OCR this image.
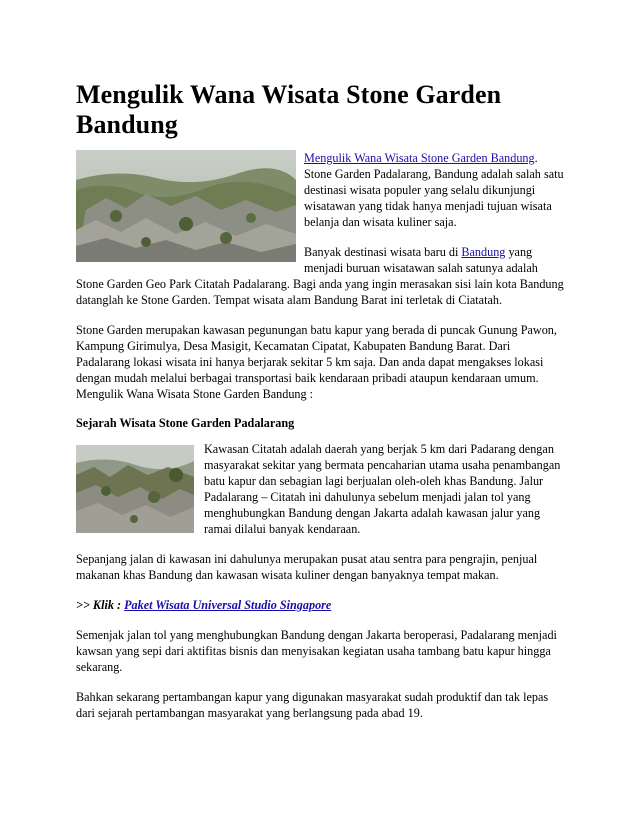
Mengulik Wana Wisata Stone Garden Bandung

Mengulik Wana Wisata Stone Garden Bandung. Stone Garden Padalarang, Bandung adalah salah satu destinasi wisata populer yang selalu dikunjungi wisatawan yang tidak hanya menjadi tujuan wisata belanja dan wisata kuliner saja.

Banyak destinasi wisata baru di Bandung yang menjadi buruan wisatawan salah satunya adalah Stone Garden Geo Park Citatah Padalarang. Bagi anda yang ingin merasakan sisi lain kota Bandung datanglah ke Stone Garden. Tempat wisata alam Bandung Barat ini terletak di Ciatatah.

Stone Garden merupakan kawasan pegunungan batu kapur yang berada di puncak Gunung Pawon, Kampung Girimulya, Desa Masigit, Kecamatan Cipatat, Kabupaten Bandung Barat. Dari Padalarang lokasi wisata ini hanya berjarak sekitar 5 km saja. Dan anda dapat mengakses lokasi dengan mudah melalui berbagai transportasi baik kendaraan pribadi ataupun kendaraan umum. Mengulik Wana Wisata Stone Garden Bandung :

Sejarah Wisata Stone Garden Padalarang

Kawasan Citatah adalah daerah yang berjak 5 km dari Padarang dengan masyarakat sekitar yang bermata pencaharian utama usaha penambangan batu kapur dan sebagian lagi berjualan oleh-oleh khas Bandung. Jalur Padalarang – Citatah ini dahulunya sebelum menjadi jalan tol yang menghubungkan Bandung dengan Jakarta adalah kawasan jalur yang ramai dilalui banyak kendaraan.

Sepanjang jalan di kawasan ini dahulunya merupakan pusat atau sentra para pengrajin, penjual makanan khas Bandung dan kawasan wisata kuliner dengan banyaknya tempat makan.

>> Klik : Paket Wisata Universal Studio Singapore

Semenjak jalan tol yang menghubungkan Bandung dengan Jakarta beroperasi, Padalarang menjadi kawsan yang sepi dari aktifitas bisnis dan menyisakan kegiatan usaha tambang batu kapur hingga sekarang.

Bahkan sekarang pertambangan kapur yang digunakan masyarakat sudah produktif dan tak lepas dari sejarah pertambangan masyarakat yang berlangsung pada abad 19.
